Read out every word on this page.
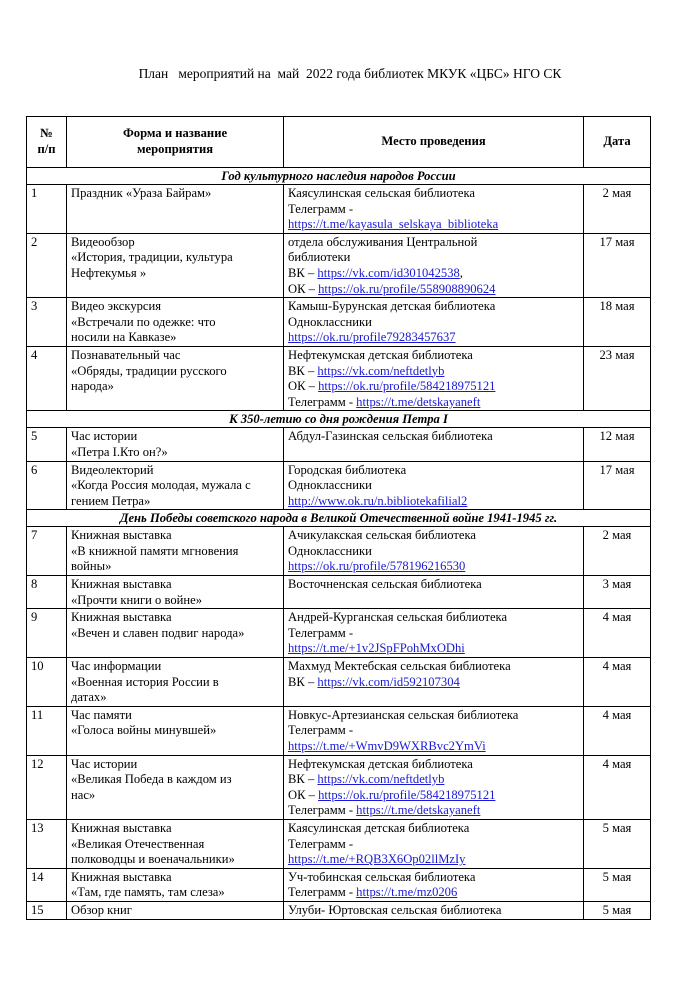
План   мероприятий на  май  2022 года библиотек МКУК «ЦБС» НГО СК
№
п/п	Форма и название
мероприятия	Место проведения	Дата
Год культурного наследия народов России			
1	Праздник «Ураза Байрам»	Каясулинская сельская библиотека
Телеграмм -
https://t.me/kayasula_selskaya_biblioteka	2 мая
2	Видеообзор
«История, традиции, культура
Нефтекумья »	отдела обслуживания Центральной
библиотеки
ВК – https://vk.com/id301042538,
ОК – https://ok.ru/profile/558908890624	17 мая
3	Видео экскурсия
«Встречали по одежке: что
носили на Кавказе»	Камыш-Бурунская детская библиотека
Одноклассники
https://ok.ru/profile79283457637	18 мая
4	Познавательный час
«Обряды, традиции русского
народа»	Нефтекумская детская библиотека
ВК – https://vk.com/neftdetlyb
ОК – https://ok.ru/profile/584218975121
Телеграмм - https://t.me/detskayaneft	23 мая
К 350-летию со дня рождения Петра I			
5	Час истории
«Петра I.Кто он?»	Абдул-Газинская сельская библиотека	12 мая
6	Видеолекторий
«Когда Россия молодая, мужала с
гением Петра»	Городская библиотека
Одноклассники
http://www.ok.ru/n.bibliotekafilial2	17 мая
День Победы советского народа в Великой Отечественной войне 1941-1945 гг.			
7	Книжная выставка
«В книжной памяти мгновения
войны»	Ачикулакская сельская библиотека
Одноклассники
https://ok.ru/profile/578196216530	2 мая
8	Книжная выставка
«Прочти книги о войне»	Восточненская сельская библиотека	3 мая
9	Книжная выставка
«Вечен и славен подвиг народа»	Андрей-Курганская сельская библиотека
Телеграмм -
https://t.me/+1v2JSpFPohMxODhi	4 мая
10	Час информации
«Военная история России в
датах»	Махмуд Мектебская сельская библиотека
ВК – https://vk.com/id592107304	4 мая
11	Час памяти
«Голоса войны минувшей»	Новкус-Артезианская сельская библиотека
Телеграмм -
https://t.me/+WmvD9WXRBvc2YmVi	4 мая
12	Час истории
«Великая Победа в каждом из
нас»	Нефтекумская детская библиотека
ВК – https://vk.com/neftdetlyb
ОК – https://ok.ru/profile/584218975121
Телеграмм - https://t.me/detskayaneft	4 мая
13	Книжная выставка
«Великая Отечественная
полководцы и военачальники»	Каясулинская детская библиотека
Телеграмм -
https://t.me/+RQB3X6Op02llMzIy	5 мая
14	Книжная выставка
«Там, где память, там слеза»	Уч-тобинская сельская библиотека
Телеграмм - https://t.me/mz0206	5 мая
15	Обзор книг	Улуби- Юртовская сельская библиотека	5 мая
